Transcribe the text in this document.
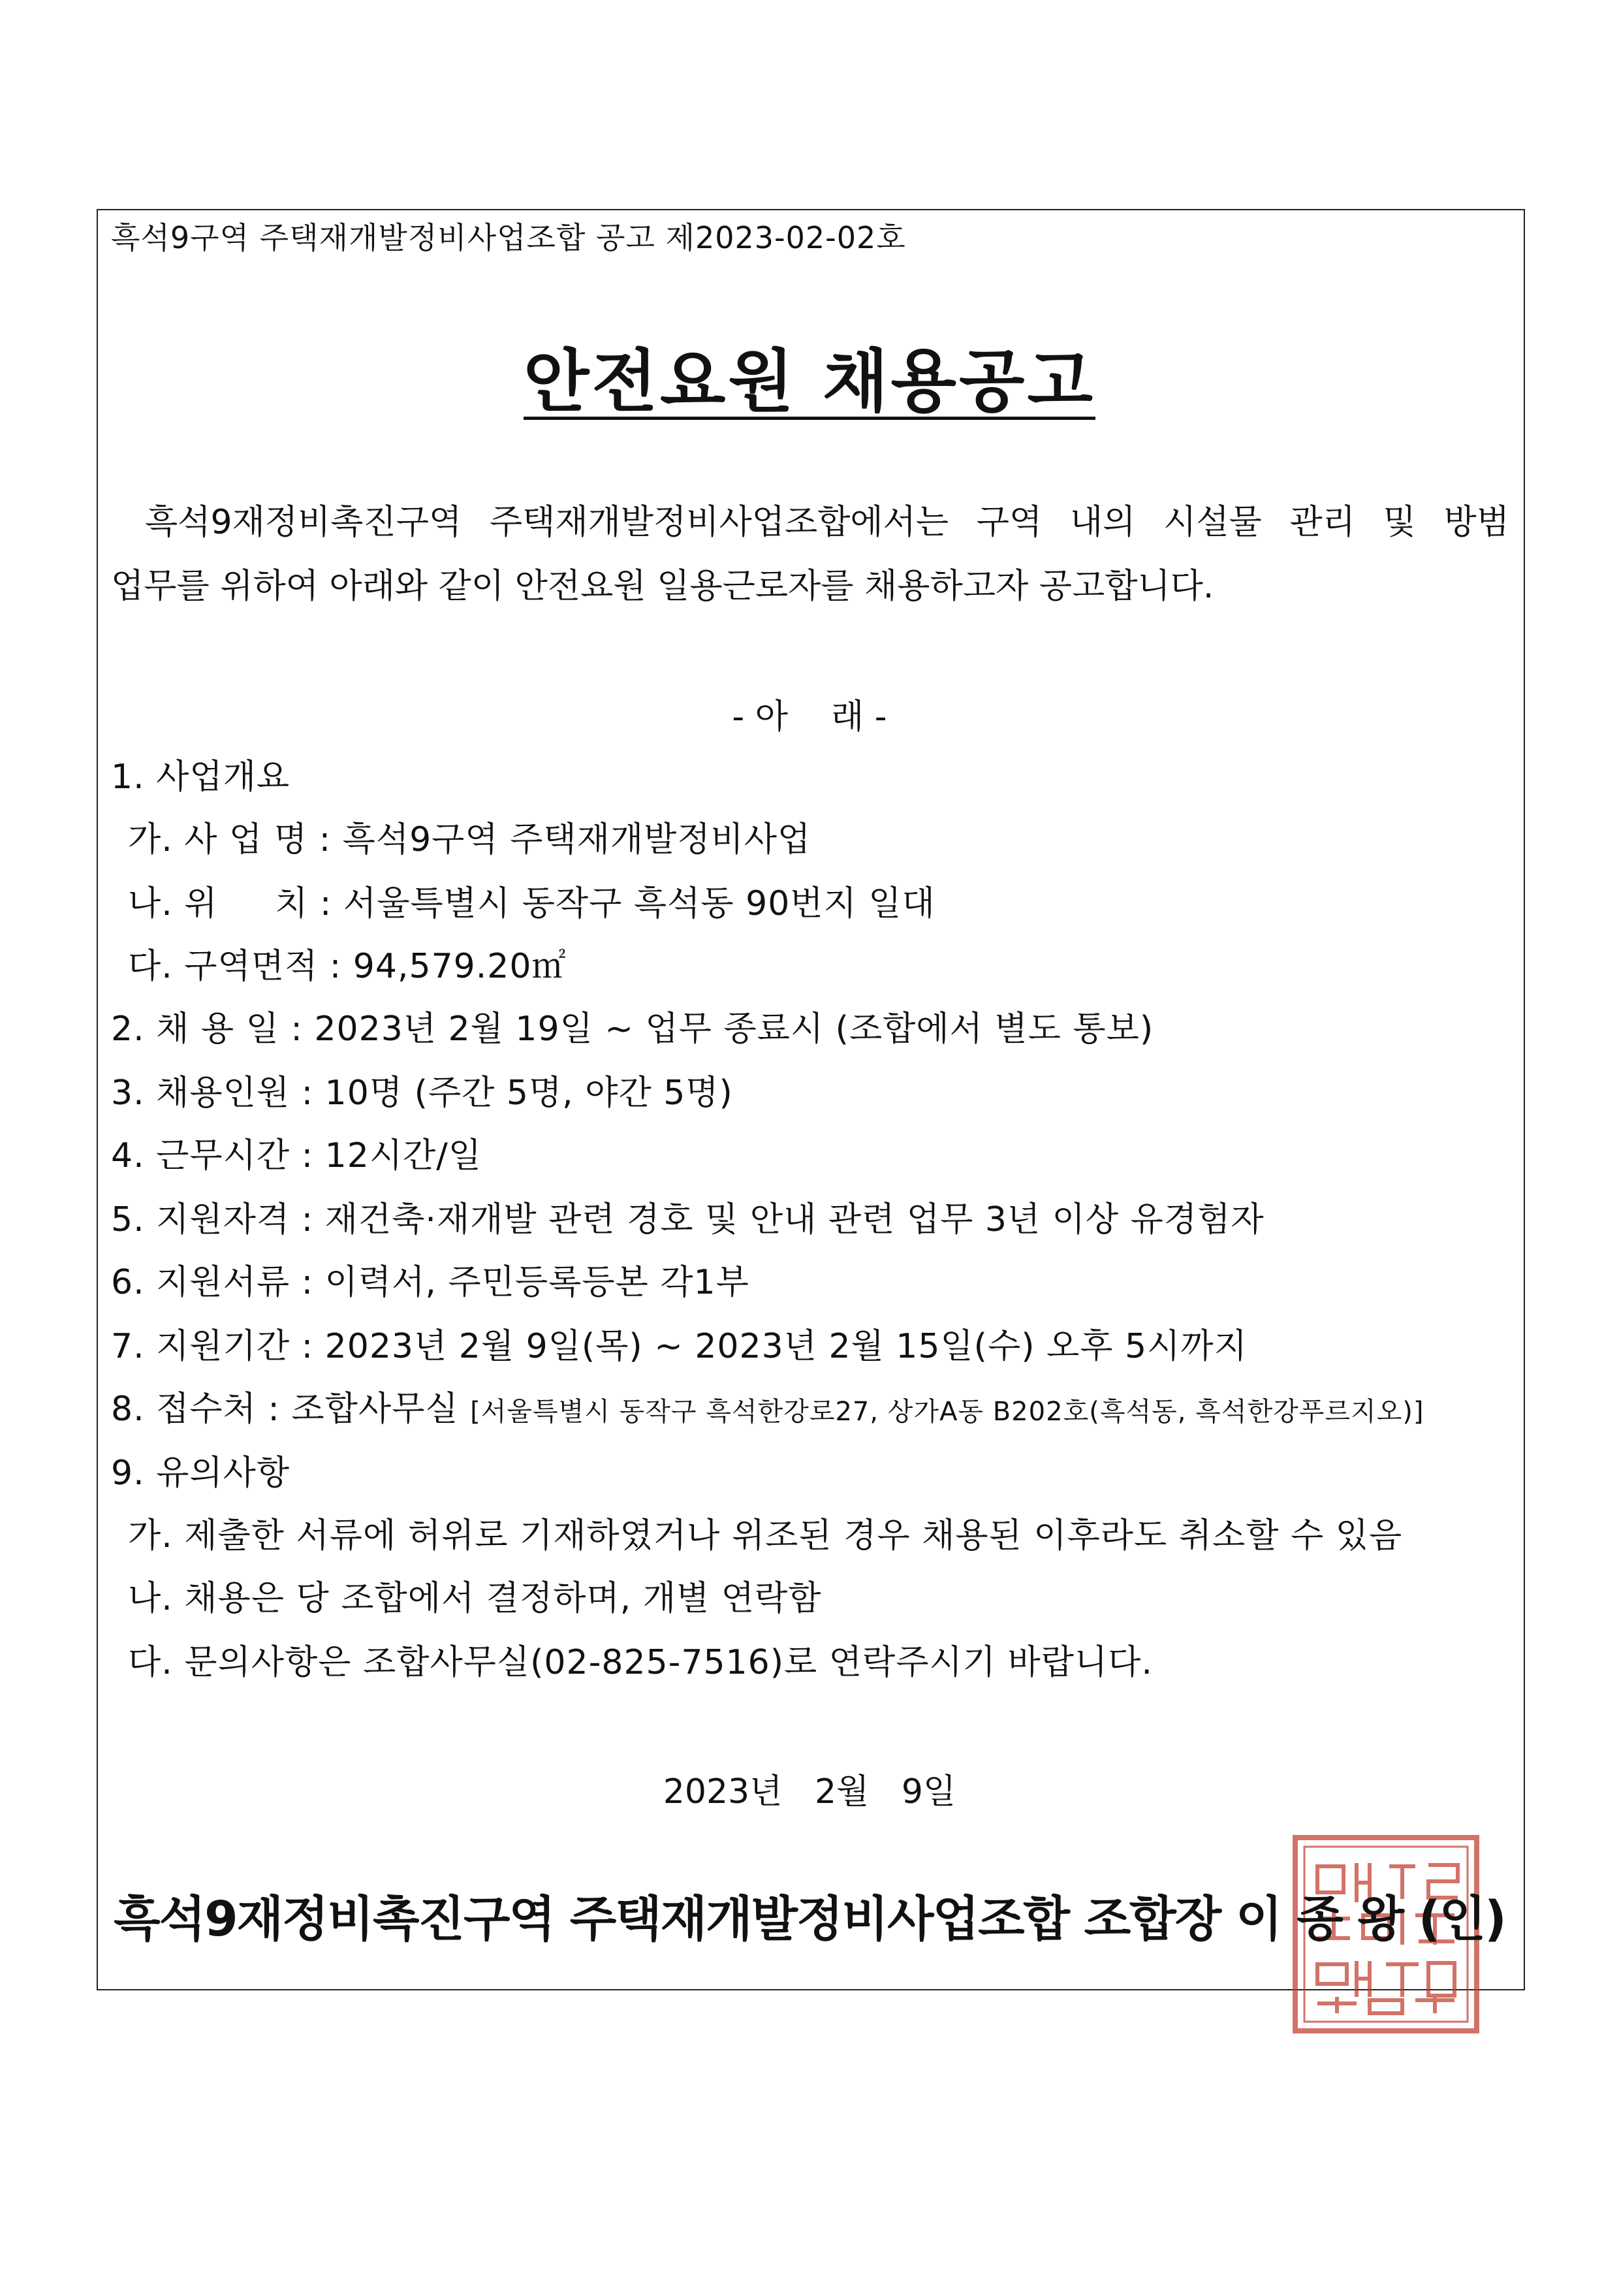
흑석9구역 주택재개발정비사업조합 공고 제2023-02-02호
안전요원 채용공고
흑석9재정비촉진구역 주택재개발정비사업조합에서는 구역 내의 시설물 관리 및 방범
업무를 위하여 아래와 같이 안전요원 일용근로자를 채용하고자 공고합니다.
- 아    래 -
1. 사업개요
가. 사 업 명 : 흑석9구역 주택재개발정비사업
나. 위     치 : 서울특별시 동작구 흑석동 90번지 일대
다. 구역면적 : 94,579.20㎡
2. 채 용 일 : 2023년 2월 19일 ~ 업무 종료시 (조합에서 별도 통보)
3. 채용인원 : 10명 (주간 5명, 야간 5명)
4. 근무시간 : 12시간/일
5. 지원자격 : 재건축·재개발 관련 경호 및 안내 관련 업무 3년 이상 유경험자
6. 지원서류 : 이력서, 주민등록등본 각1부
7. 지원기간 : 2023년 2월 9일(목) ~ 2023년 2월 15일(수) 오후 5시까지
8. 접수처 : 조합사무실 [서울특별시 동작구 흑석한강로27, 상가A동 B202호(흑석동, 흑석한강푸르지오)]
9. 유의사항
가. 제출한 서류에 허위로 기재하였거나 위조된 경우 채용된 이후라도 취소할 수 있음
나. 채용은 당 조합에서 결정하며, 개별 연락함
다. 문의사항은 조합사무실(02-825-7516)로 연락주시기 바랍니다.
2023년   2월   9일
흑석9재정비촉진구역 주택재개발정비사업조합 조합장 이 종 왕 (인)
